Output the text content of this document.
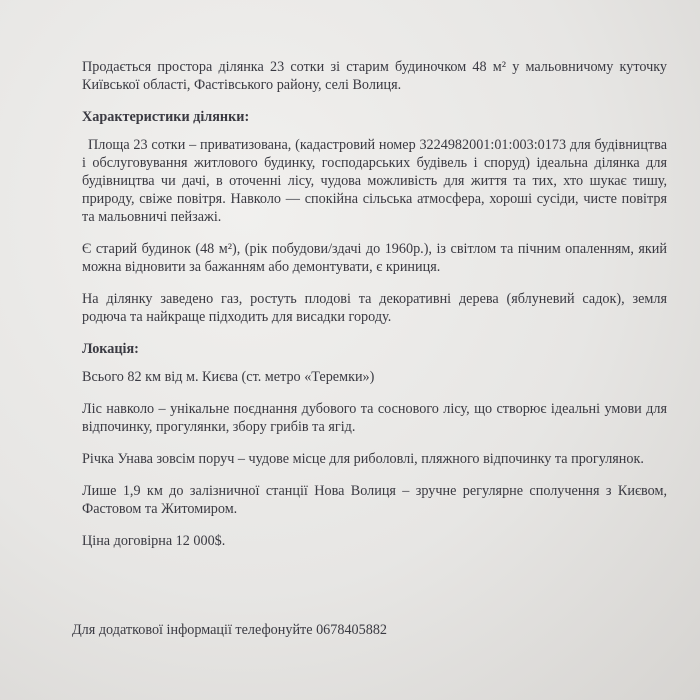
Продається простора ділянка 23 сотки зі старим будиночком 48 м² у мальовничому куточку Київської області, Фастівського району, селі Волиця.

Характеристики ділянки:

Площа 23 сотки – приватизована, (кадастровий номер 3224982001:01:003:0173 для будівництва і обслуговування житлового будинку, господарських будівель і споруд) ідеальна ділянка для будівництва чи дачі, в оточенні лісу, чудова можливість для життя та тих, хто шукає тишу, природу, свіже повітря. Навколо — спокійна сільська атмосфера, хороші сусіди, чисте повітря та мальовничі пейзажі.

Є старий будинок (48 м²), (рік побудови/здачі до 1960р.), із світлом та пічним опаленням, який можна відновити за бажанням або демонтувати, є криниця.

На ділянку заведено газ, ростуть плодові та декоративні дерева (яблуневий садок), земля родюча та найкраще підходить для висадки городу.

Локація:

Всього 82 км від м. Києва (ст. метро «Теремки»)

Ліс навколо – унікальне поєднання дубового та соснового лісу, що створює ідеальні умови для відпочинку, прогулянки, збору грибів та ягід.

Річка Унава зовсім поруч – чудове місце для риболовлі, пляжного відпочинку та прогулянок.

Лише 1,9 км до залізничної станції Нова Волиця – зручне регулярне сполучення з Києвом, Фастовом та Житомиром.

Ціна договірна 12 000$.

Для додаткової інформації телефонуйте 0678405882
